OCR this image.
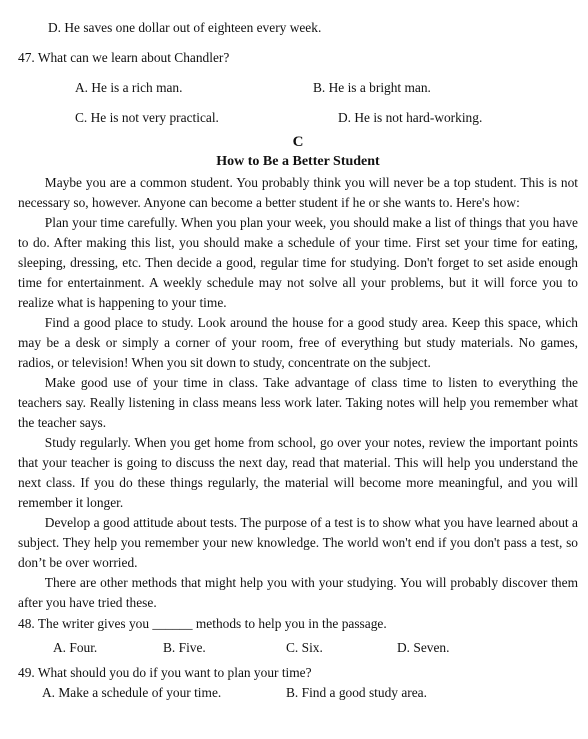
D. He saves one dollar out of eighteen every week.
47. What can we learn about Chandler?
A. He is a rich man.	B. He is a bright man.
C. He is not very practical.	D. He is not hard-working.
C
How to Be a Better Student
Maybe you are a common student. You probably think you will never be a top student. This is not necessary so, however. Anyone can become a better student if he or she wants to. Here's how:
Plan your time carefully. When you plan your week, you should make a list of things that you have to do. After making this list, you should make a schedule of your time. First set your time for eating, sleeping, dressing, etc. Then decide a good, regular time for studying. Don't forget to set aside enough time for entertainment. A weekly schedule may not solve all your problems, but it will force you to realize what is happening to your time.
Find a good place to study. Look around the house for a good study area. Keep this space, which may be a desk or simply a corner of your room, free of everything but study materials. No games, radios, or television! When you sit down to study, concentrate on the subject.
Make good use of your time in class. Take advantage of class time to listen to everything the teachers say. Really listening in class means less work later. Taking notes will help you remember what the teacher says.
Study regularly. When you get home from school, go over your notes, review the important points that your teacher is going to discuss the next day, read that material. This will help you understand the next class. If you do these things regularly, the material will become more meaningful, and you will remember it longer.
Develop a good attitude about tests. The purpose of a test is to show what you have learned about a subject. They help you remember your new knowledge. The world won't end if you don't pass a test, so don’t be over worried.
There are other methods that might help you with your studying. You will probably discover them after you have tried these.
48. The writer gives you ______ methods to help you in the passage.
A. Four.	B. Five.	C. Six.	D. Seven.
49. What should you do if you want to plan your time?
A. Make a schedule of your time.	B. Find a good study area.
